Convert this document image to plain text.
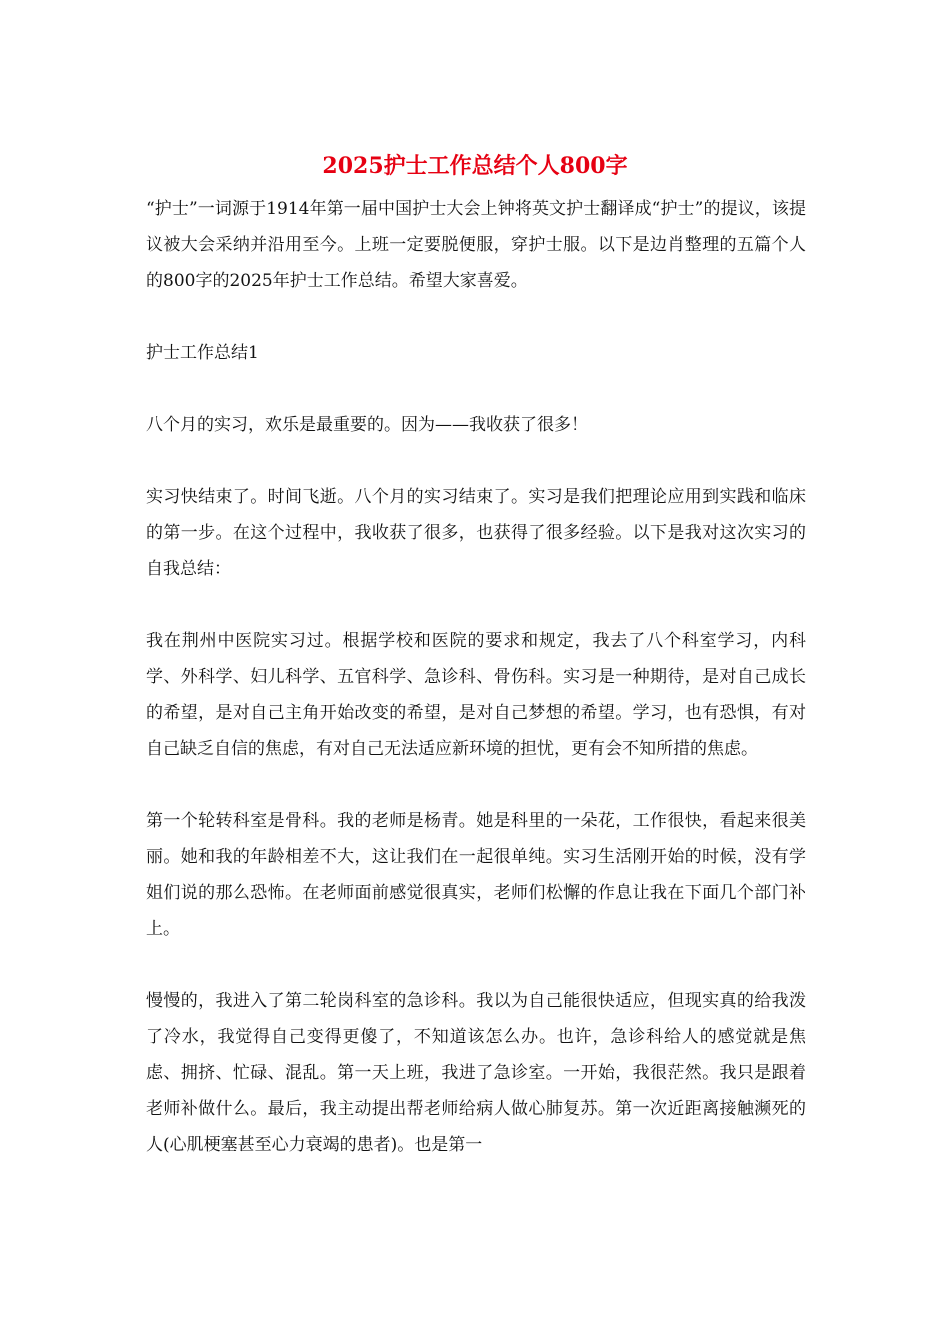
2025护士工作总结个人800字

“护士”一词源于1914年第一届中国护士大会上钟将英文护士翻译成“护士”的提议，该提议被大会采纳并沿用至今。上班一定要脱便服，穿护士服。以下是边肖整理的五篇个人的800字的2025年护士工作总结。希望大家喜爱。

护士工作总结1

八个月的实习，欢乐是最重要的。因为——我收获了很多！

实习快结束了。时间飞逝。八个月的实习结束了。实习是我们把理论应用到实践和临床的第一步。在这个过程中，我收获了很多，也获得了很多经验。以下是我对这次实习的自我总结：

我在荆州中医院实习过。根据学校和医院的要求和规定，我去了八个科室学习，内科学、外科学、妇儿科学、五官科学、急诊科、骨伤科。实习是一种期待，是对自己成长的希望，是对自己主角开始改变的希望，是对自己梦想的希望。学习，也有恐惧，有对自己缺乏自信的焦虑，有对自己无法适应新环境的担忧，更有会不知所措的焦虑。

第一个轮转科室是骨科。我的老师是杨青。她是科里的一朵花，工作很快，看起来很美丽。她和我的年龄相差不大，这让我们在一起很单纯。实习生活刚开始的时候，没有学姐们说的那么恐怖。在老师面前感觉很真实，老师们松懈的作息让我在下面几个部门补上。

慢慢的，我进入了第二轮岗科室的急诊科。我以为自己能很快适应，但现实真的给我泼了冷水，我觉得自己变得更傻了，不知道该怎么办。也许，急诊科给人的感觉就是焦虑、拥挤、忙碌、混乱。第一天上班，我进了急诊室。一开始，我很茫然。我只是跟着老师补做什么。最后，我主动提出帮老师给病人做心肺复苏。第一次近距离接触濒死的人(心肌梗塞甚至心力衰竭的患者)。也是第一
